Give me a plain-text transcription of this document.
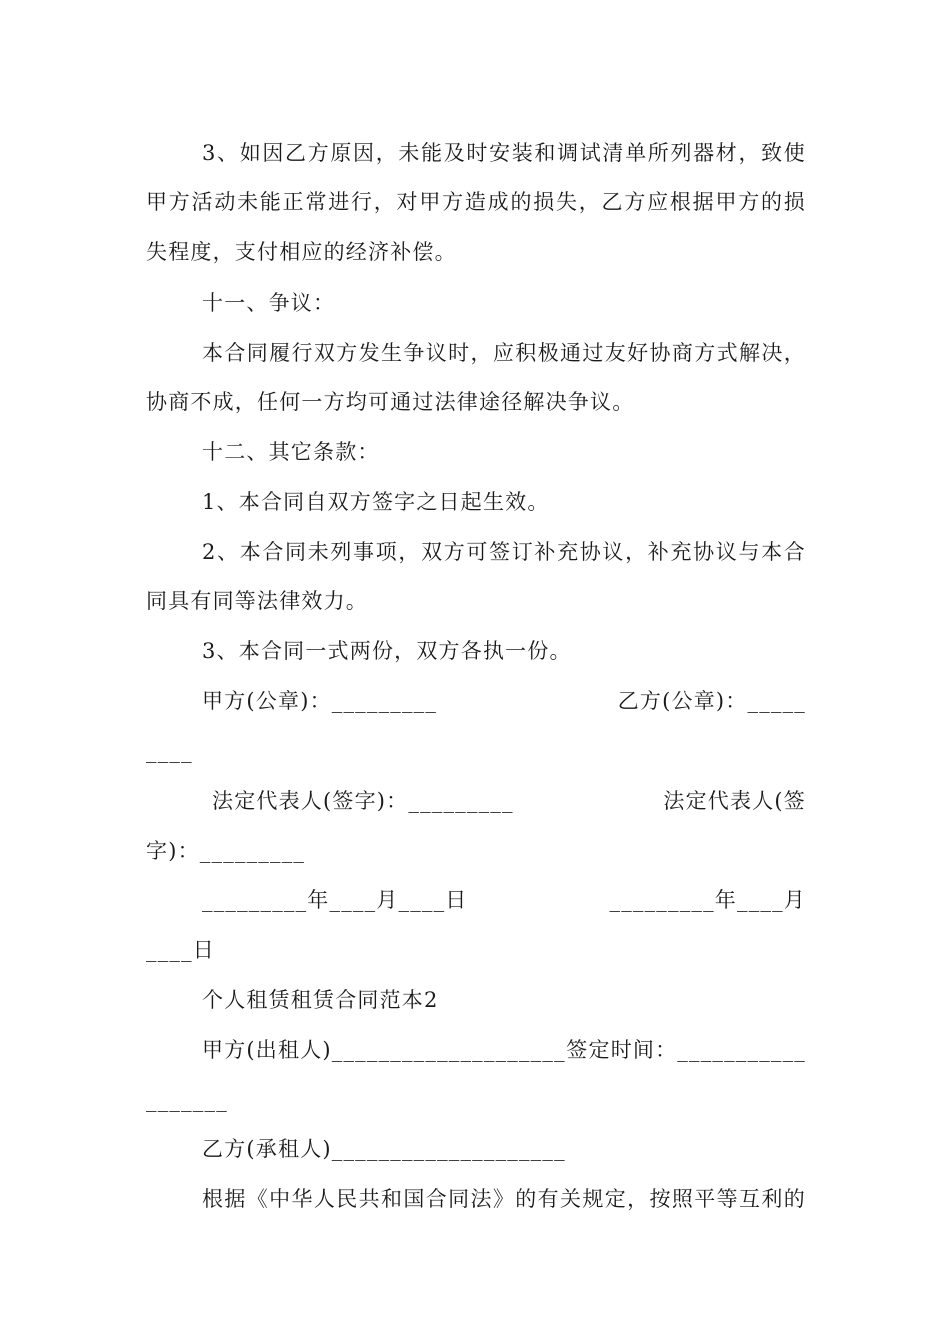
3、如因乙方原因，未能及时安装和调试清单所列器材，致使
甲方活动未能正常进行，对甲方造成的损失，乙方应根据甲方的损
失程度，支付相应的经济补偿。
十一、争议：
本合同履行双方发生争议时，应积极通过友好协商方式解决，
协商不成，任何一方均可通过法律途径解决争议。
十二、其它条款：
1、本合同自双方签字之日起生效。
2、本合同未列事项，双方可签订补充协议，补充协议与本合
同具有同等法律效力。
3、本合同一式两份，双方各执一份。
甲方(公章)：_________	乙方(公章)：_____
____
法定代表人(签字)：_________	法定代表人(签
字)：_________
_________年____月____日	_________年____月
____日
个人租赁租赁合同范本2
甲方(出租人)____________________ 签定时间：___________
_______
乙方(承租人)____________________
根据《中华人民共和国合同法》的有关规定，按照平等互利的
